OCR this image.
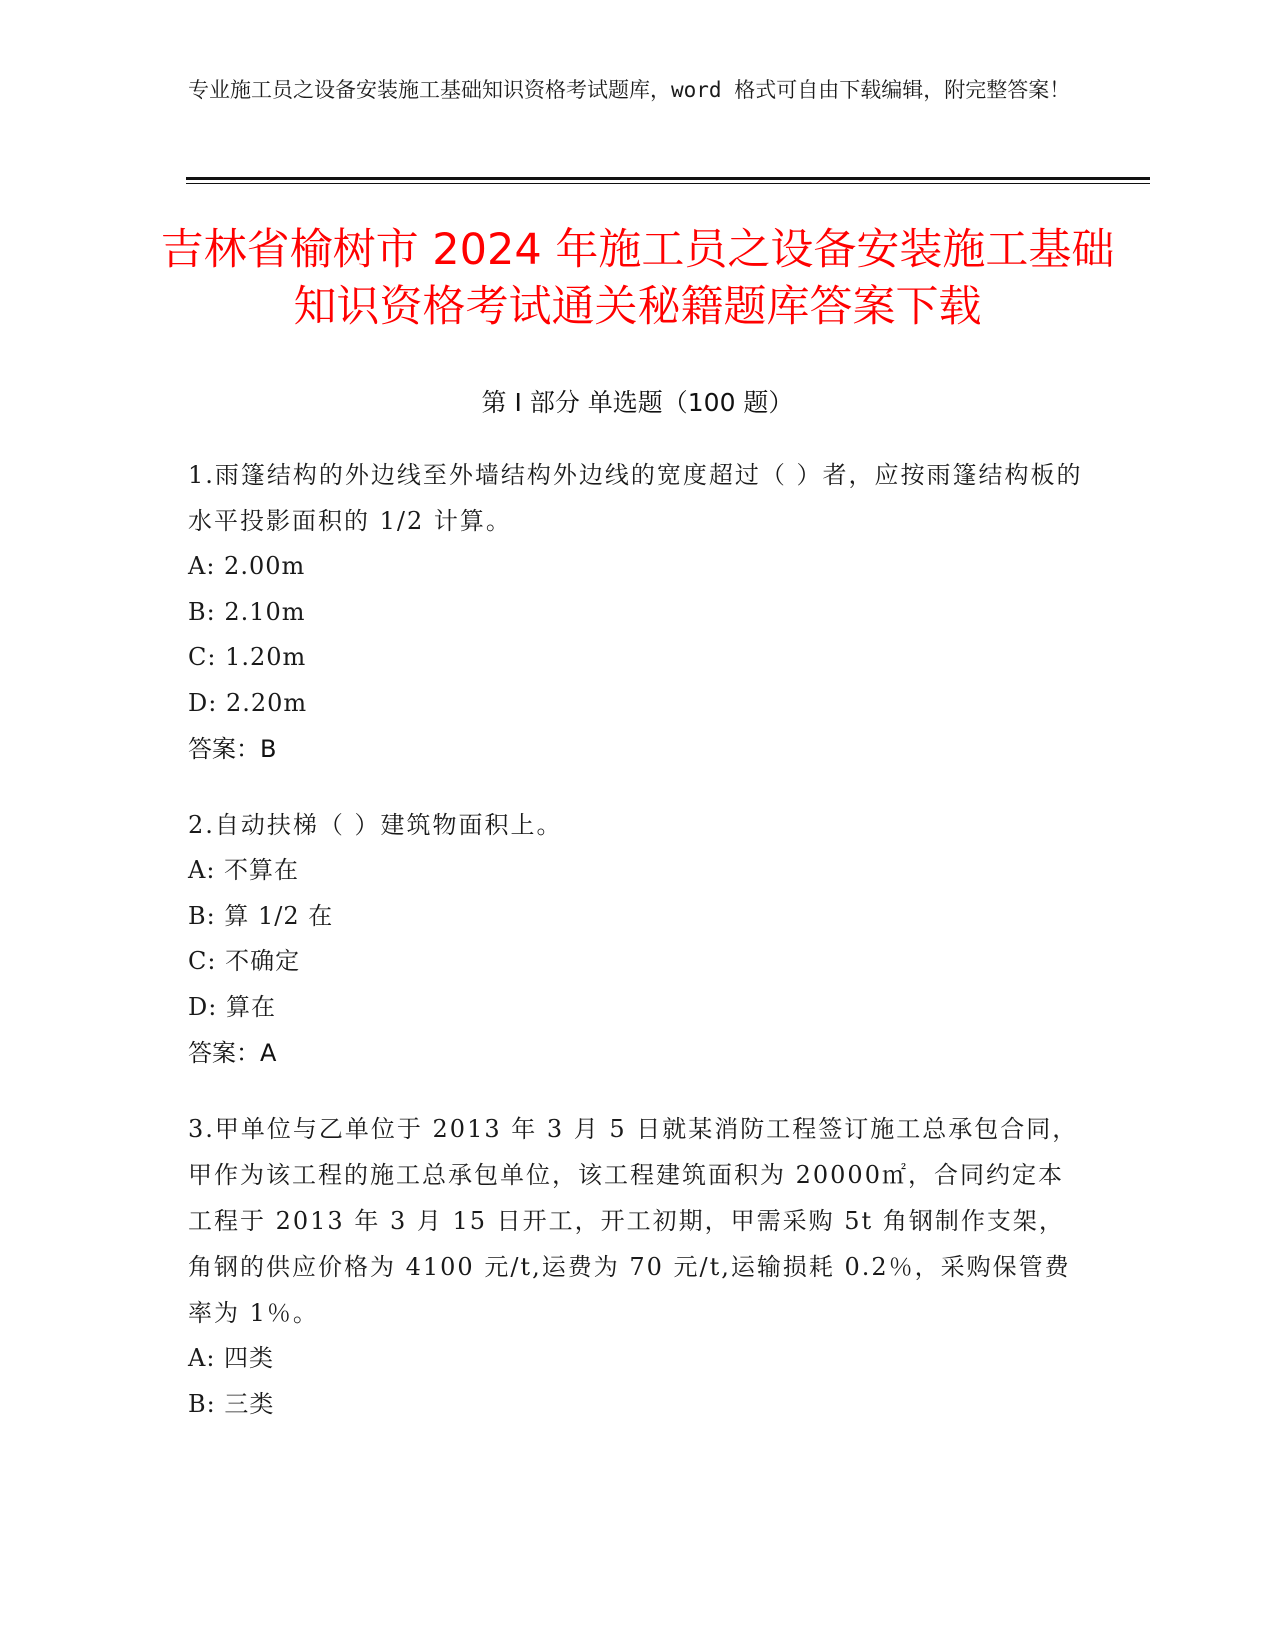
专业施工员之设备安装施工基础知识资格考试题库，word 格式可自由下载编辑，附完整答案！
吉林省榆树市 2024 年施工员之设备安装施工基础知识资格考试通关秘籍题库答案下载
第 I 部分 单选题（100 题）
1.雨篷结构的外边线至外墙结构外边线的宽度超过（ ）者，应按雨篷结构板的水平投影面积的 1/2 计算。
A: 2.00m
B: 2.10m
C: 1.20m
D: 2.20m
答案：B
2.自动扶梯（ ）建筑物面积上。
A: 不算在
B: 算 1/2 在
C: 不确定
D: 算在
答案：A
3.甲单位与乙单位于 2013 年 3 月 5 日就某消防工程签订施工总承包合同，甲作为该工程的施工总承包单位，该工程建筑面积为 20000㎡，合同约定本工程于 2013 年 3 月 15 日开工，开工初期，甲需采购 5t 角钢制作支架，角钢的供应价格为 4100 元/t,运费为 70 元/t,运输损耗 0.2％，采购保管费率为 1％。
A: 四类
B: 三类
